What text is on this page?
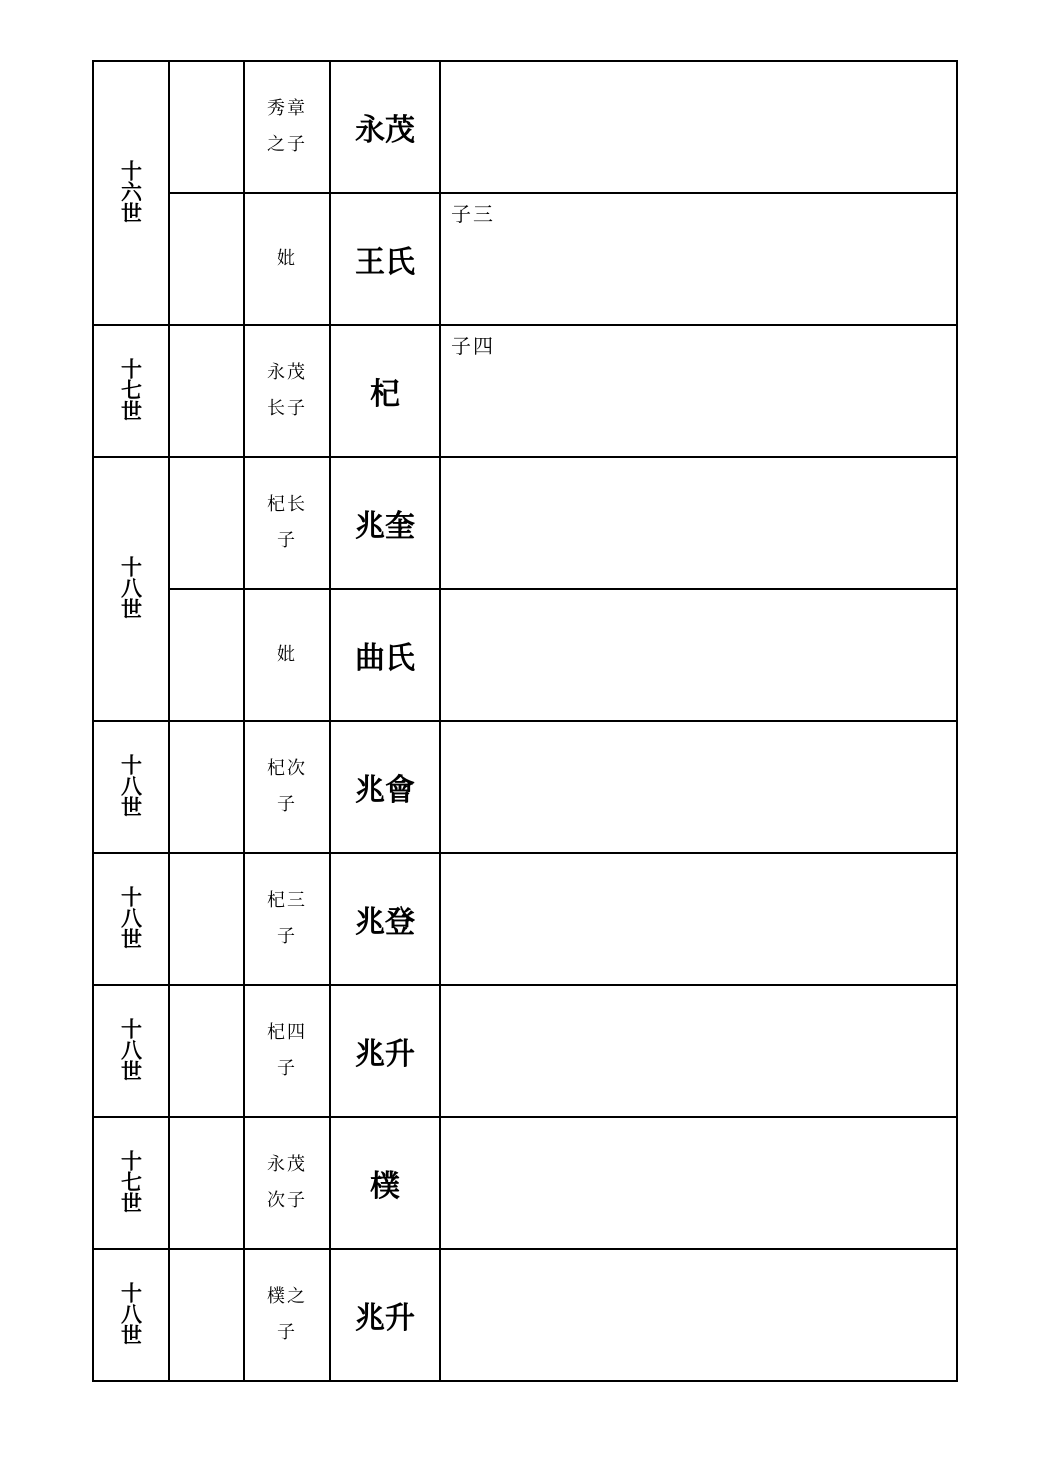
十六世		秀章之子	永茂	
		妣	王氏	子三
十七世		永茂长子	杞	子四
十八世		杞长子	兆奎	
		妣	曲氏	
十八世		杞次子	兆會	
十八世		杞三子	兆登	
十八世		杞四子	兆升	
十七世		永茂次子	樸	
十八世		樸之子	兆升	
